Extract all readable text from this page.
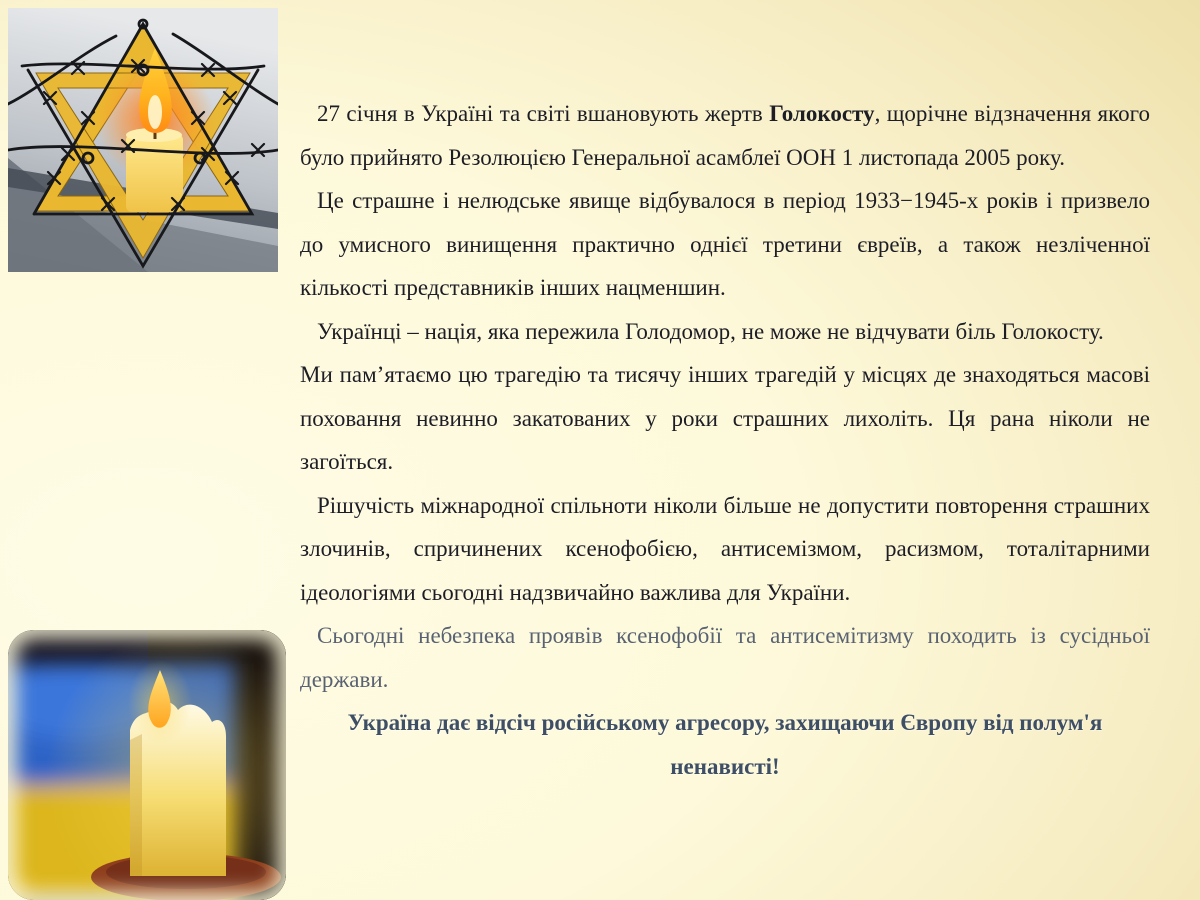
27 січня в Україні та світі вшановують жертв Голокосту, щорічне відзначення якого було прийнято Резолюцією Генеральної асамблеї ООН 1 листопада 2005 року.

Це страшне і нелюдське явище відбувалося в період 1933−1945-х років і призвело до умисного винищення практично однієї третини євреїв, а також незліченної кількості представників інших нацменшин.

Українці – нація, яка пережила Голодомор, не може не відчувати біль Голокосту.

Ми пам’ятаємо цю трагедію та тисячу інших трагедій у місцях де знаходяться масові поховання невинно закатованих у роки страшних лихоліть. Ця рана ніколи не загоїться.

Рішучість міжнародної спільноти ніколи більше не допустити повторення страшних злочинів, спричинених ксенофобією, антисемізмом, расизмом, тоталітарними ідеологіями сьогодні надзвичайно важлива для України.

Сьогодні небезпека проявів ксенофобії та антисемітизму походить із сусідньої держави.

Україна дає відсіч російському агресору, захищаючи Європу від полум'я
ненависті!
